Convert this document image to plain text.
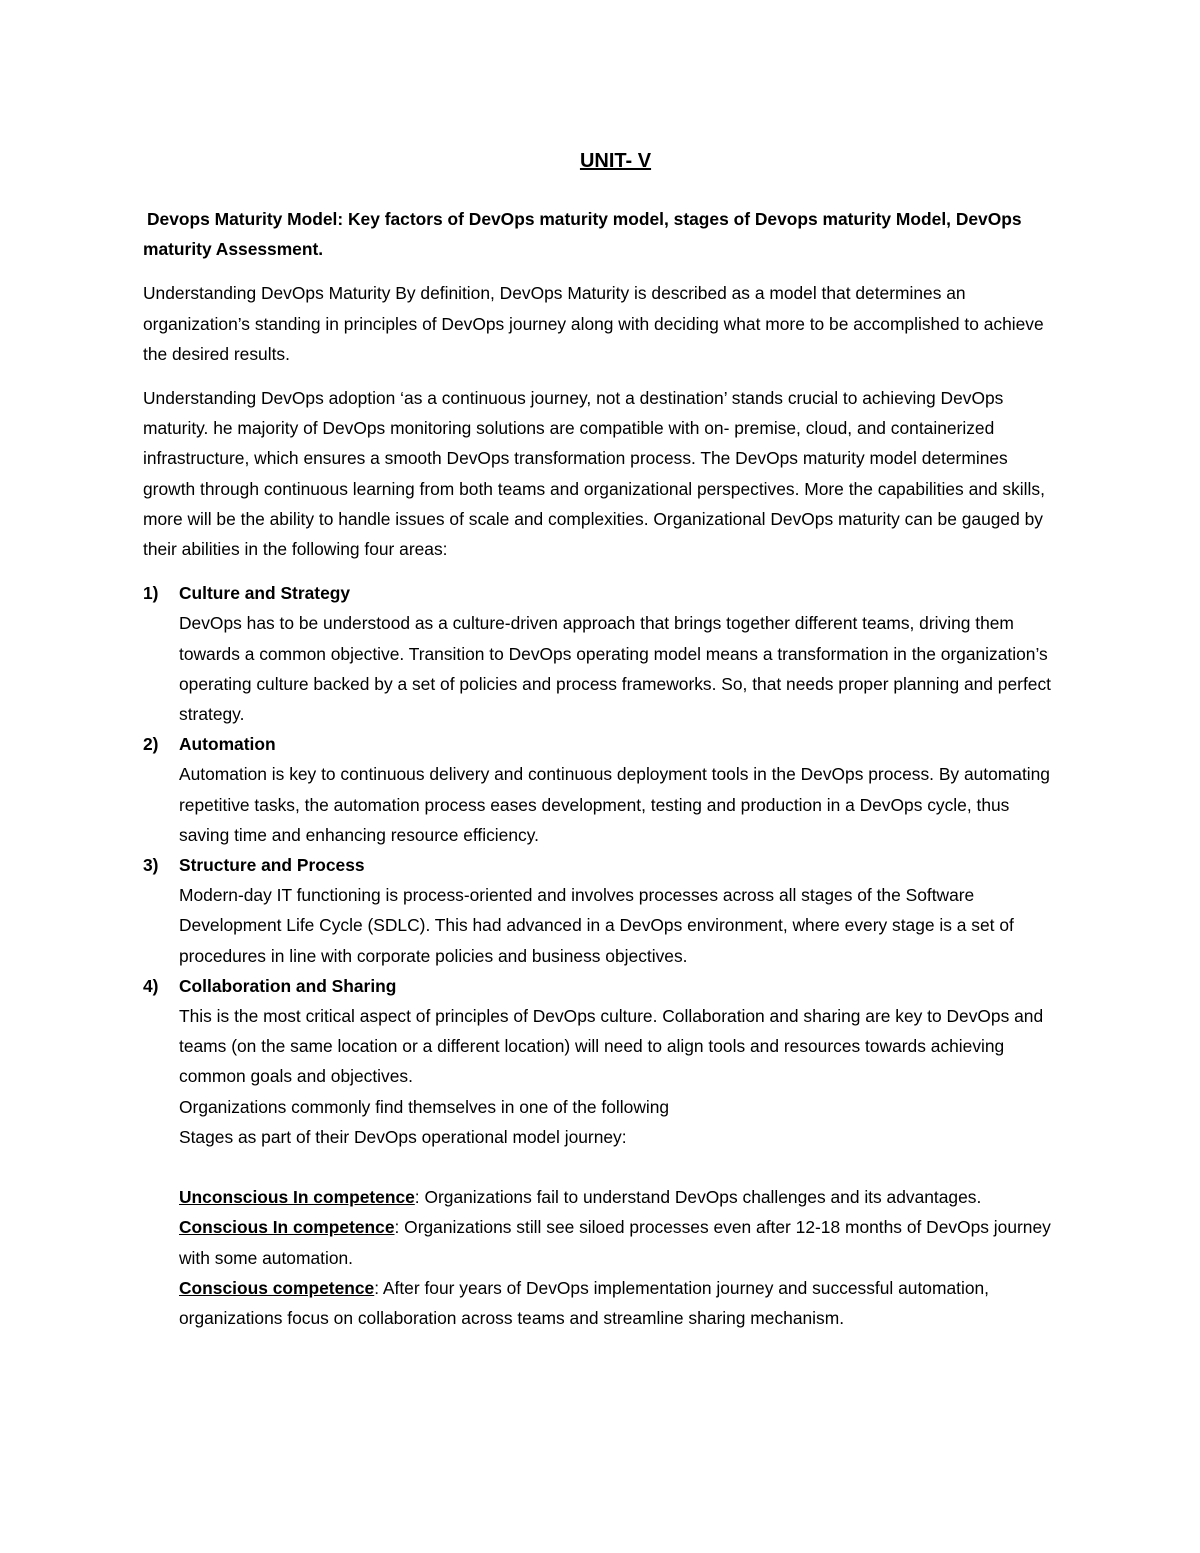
UNIT- V
Devops Maturity Model: Key factors of DevOps maturity model, stages of Devops maturity Model, DevOps maturity Assessment.

Understanding DevOps Maturity By definition, DevOps Maturity is described as a model that determines an organization’s standing in principles of DevOps journey along with deciding what more to be accomplished to achieve the desired results.

Understanding DevOps adoption ‘as a continuous journey, not a destination’ stands crucial to achieving DevOps maturity. he majority of DevOps monitoring solutions are compatible with on- premise, cloud, and containerized infrastructure, which ensures a smooth DevOps transformation process. The DevOps maturity model determines growth through continuous learning from both teams and organizational perspectives. More the capabilities and skills, more will be the ability to handle issues of scale and complexities. Organizational DevOps maturity can be gauged by their abilities in the following four areas:

1) Culture and Strategy
DevOps has to be understood as a culture-driven approach that brings together different teams, driving them towards a common objective. Transition to DevOps operating model means a transformation in the organization’s operating culture backed by a set of policies and process frameworks. So, that needs proper planning and perfect strategy.
2) Automation
Automation is key to continuous delivery and continuous deployment tools in the DevOps process. By automating repetitive tasks, the automation process eases development, testing and production in a DevOps cycle, thus saving time and enhancing resource efficiency.
3) Structure and Process
Modern-day IT functioning is process-oriented and involves processes across all stages of the Software Development Life Cycle (SDLC). This had advanced in a DevOps environment, where every stage is a set of procedures in line with corporate policies and business objectives.
4) Collaboration and Sharing
This is the most critical aspect of principles of DevOps culture. Collaboration and sharing are key to DevOps and teams (on the same location or a different location) will need to align tools and resources towards achieving common goals and objectives.
Organizations commonly find themselves in one of the following
Stages as part of their DevOps operational model journey:

Unconscious In competence: Organizations fail to understand DevOps challenges and its advantages.

Conscious In competence: Organizations still see siloed processes even after 12-18 months of DevOps journey with some automation.

Conscious competence: After four years of DevOps implementation journey and successful automation, organizations focus on collaboration across teams and streamline sharing mechanism.
